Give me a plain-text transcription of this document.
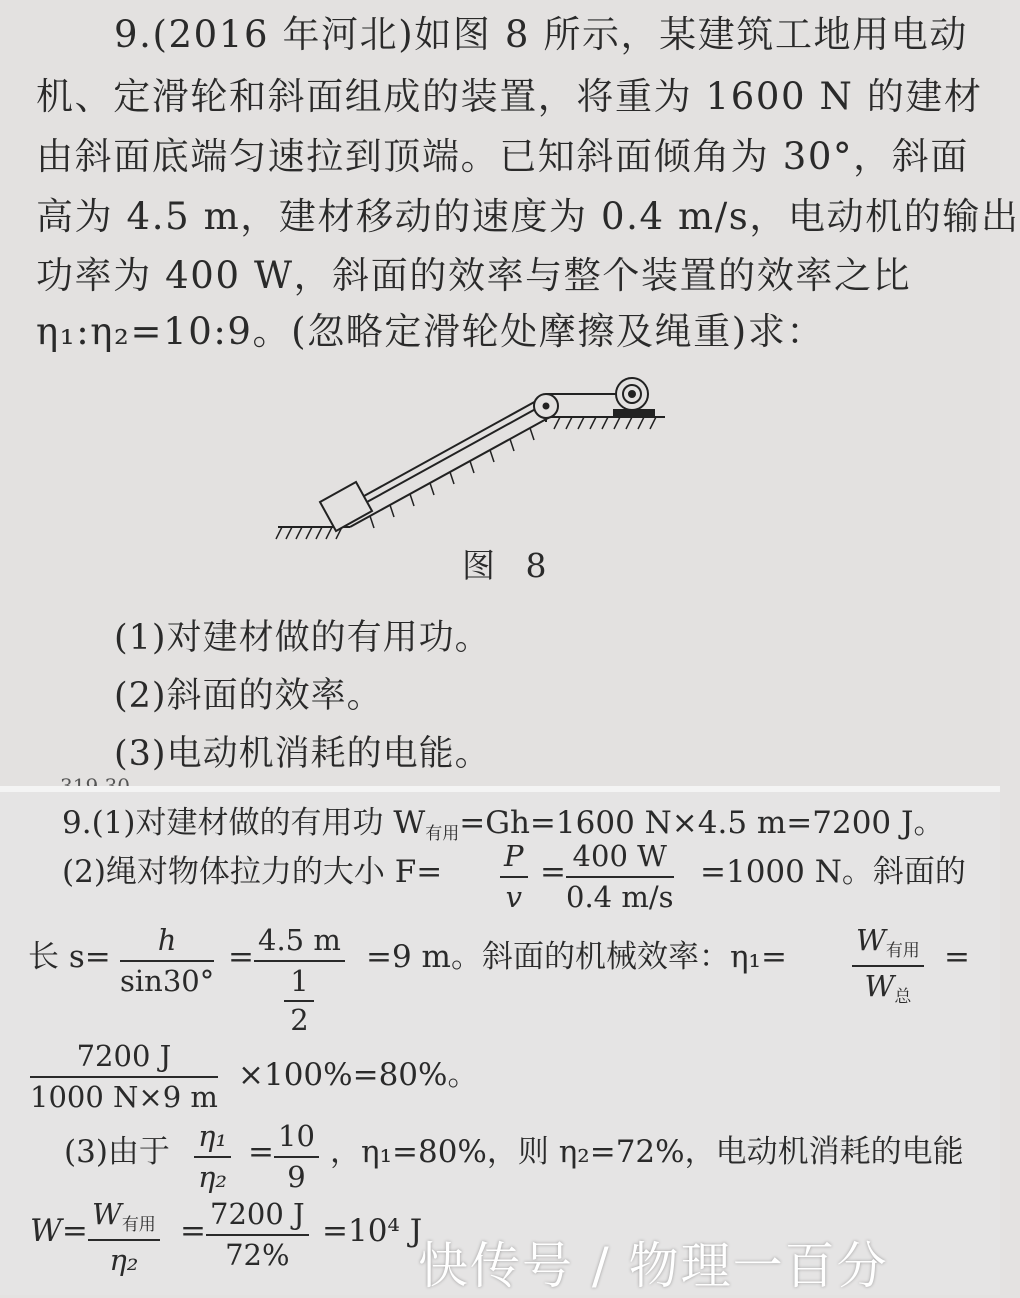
9.(2016 年河北)如图 8 所示，某建筑工地用电动
机、定滑轮和斜面组成的装置，将重为 1600 N 的建材
由斜面底端匀速拉到顶端。已知斜面倾角为 30°，斜面
高为 4.5 m，建材移动的速度为 0.4 m/s，电动机的输出
功率为 400 W，斜面的效率与整个装置的效率之比
η₁:η₂=10:9。(忽略定滑轮处摩擦及绳重)求：
图 8
(1)对建材做的有用功。
(2)斜面的效率。
(3)电动机消耗的电能。
9.(1)对建材做的有用功 $W_{有用}=Gh=1600$ N×4.5 m=7200 J。
(2)绳对物体拉力的大小 F= P
v
= 400 W
0.4 m/s
=1000 N。斜面的
长 s=	h
sin30°
= 4.5 m
$\frac{1}{2}$
=9 m。斜面的机械效率：$\eta_1= W_{有用}$
$W_总$
=
7200 J
1000 N×9 m
×100%=80%。
(3)由于 η₁
η₂
= 10
9
，η₁=80%，则 η₂=72%，电动机消耗的电能
$W= W_{有用}$
η₂
= 7200 J
72%
=10⁴ J
快传号 / 物理一百分
